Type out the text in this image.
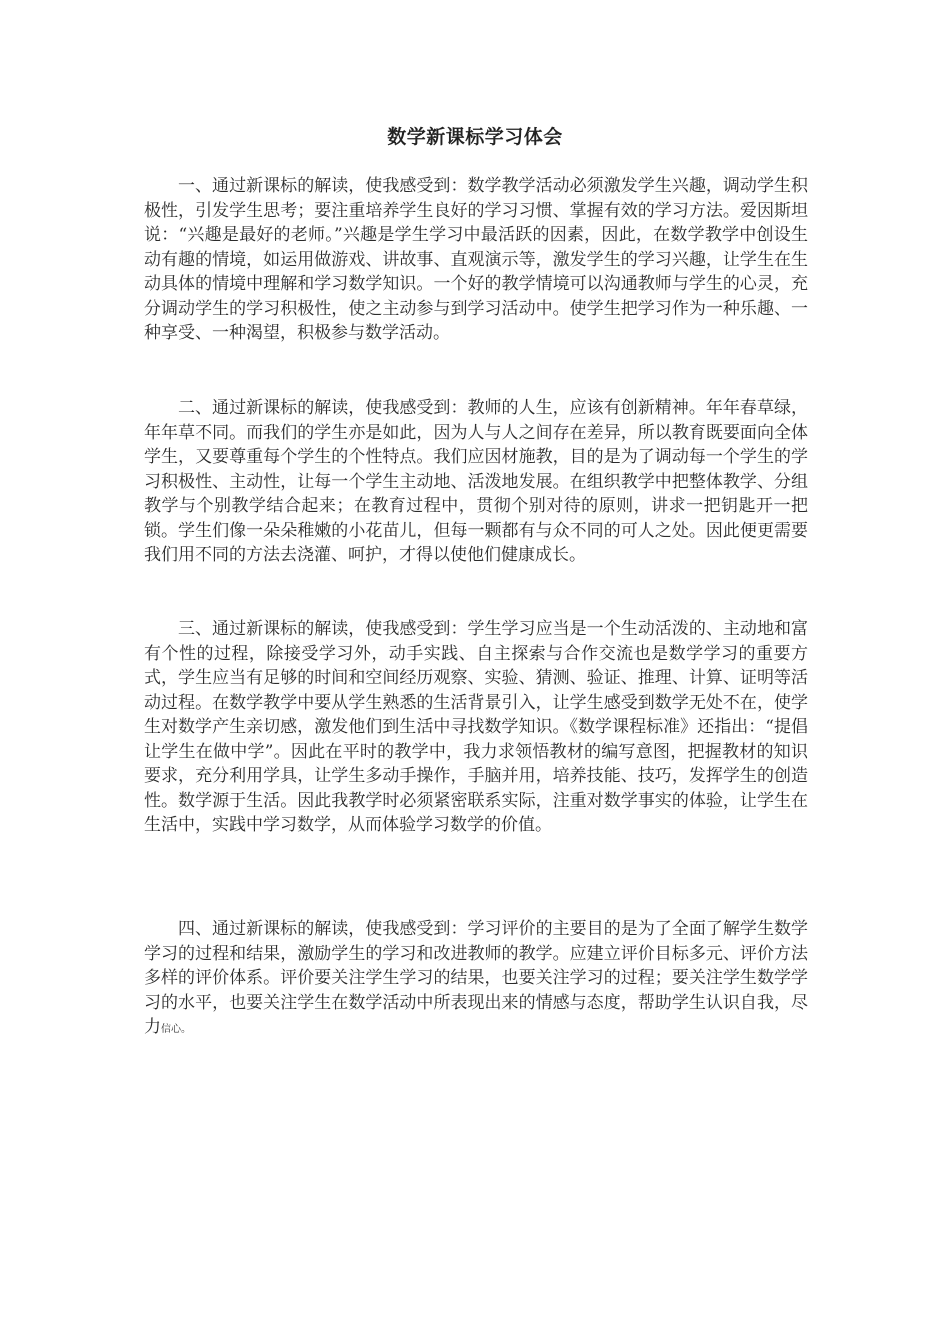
数学新课标学习体会

一、通过新课标的解读，使我感受到：数学教学活动必须激发学生兴趣，调动学生积极性，引发学生思考；要注重培养学生良好的学习习惯、掌握有效的学习方法。爱因斯坦说：“兴趣是最好的老师。”兴趣是学生学习中最活跃的因素，因此，在数学教学中创设生动有趣的情境，如运用做游戏、讲故事、直观演示等，激发学生的学习兴趣，让学生在生动具体的情境中理解和学习数学知识。一个好的教学情境可以沟通教师与学生的心灵，充分调动学生的学习积极性，使之主动参与到学习活动中。使学生把学习作为一种乐趣、一种享受、一种渴望，积极参与数学活动。

二、通过新课标的解读，使我感受到：教师的人生，应该有创新精神。年年春草绿，年年草不同。而我们的学生亦是如此，因为人与人之间存在差异，所以教育既要面向全体学生，又要尊重每个学生的个性特点。我们应因材施教，目的是为了调动每一个学生的学习积极性、主动性，让每一个学生主动地、活泼地发展。在组织教学中把整体教学、分组教学与个别教学结合起来；在教育过程中，贯彻个别对待的原则，讲求一把钥匙开一把锁。学生们像一朵朵稚嫩的小花苗儿，但每一颗都有与众不同的可人之处。因此便更需要我们用不同的方法去浇灌、呵护，才得以使他们健康成长。

三、通过新课标的解读，使我感受到：学生学习应当是一个生动活泼的、主动地和富有个性的过程，除接受学习外，动手实践、自主探索与合作交流也是数学学习的重要方式，学生应当有足够的时间和空间经历观察、实验、猜测、验证、推理、计算、证明等活动过程。在数学教学中要从学生熟悉的生活背景引入，让学生感受到数学无处不在，使学生对数学产生亲切感，激发他们到生活中寻找数学知识。《数学课程标准》还指出：“提倡让学生在做中学”。因此在平时的教学中，我力求领悟教材的编写意图，把握教材的知识要求，充分利用学具，让学生多动手操作，手脑并用，培养技能、技巧，发挥学生的创造性。数学源于生活。因此我教学时必须紧密联系实际，注重对数学事实的体验，让学生在生活中，实践中学习数学，从而体验学习数学的价值。

四、通过新课标的解读，使我感受到：学习评价的主要目的是为了全面了解学生数学学习的过程和结果，激励学生的学习和改进教师的教学。应建立评价目标多元、评价方法多样的评价体系。评价要关注学生学习的结果，也要关注学习的过程；要关注学生数学学习的水平，也要关注学生在数学活动中所表现出来的情感与态度，帮助学生认识自我，尽力信心。
